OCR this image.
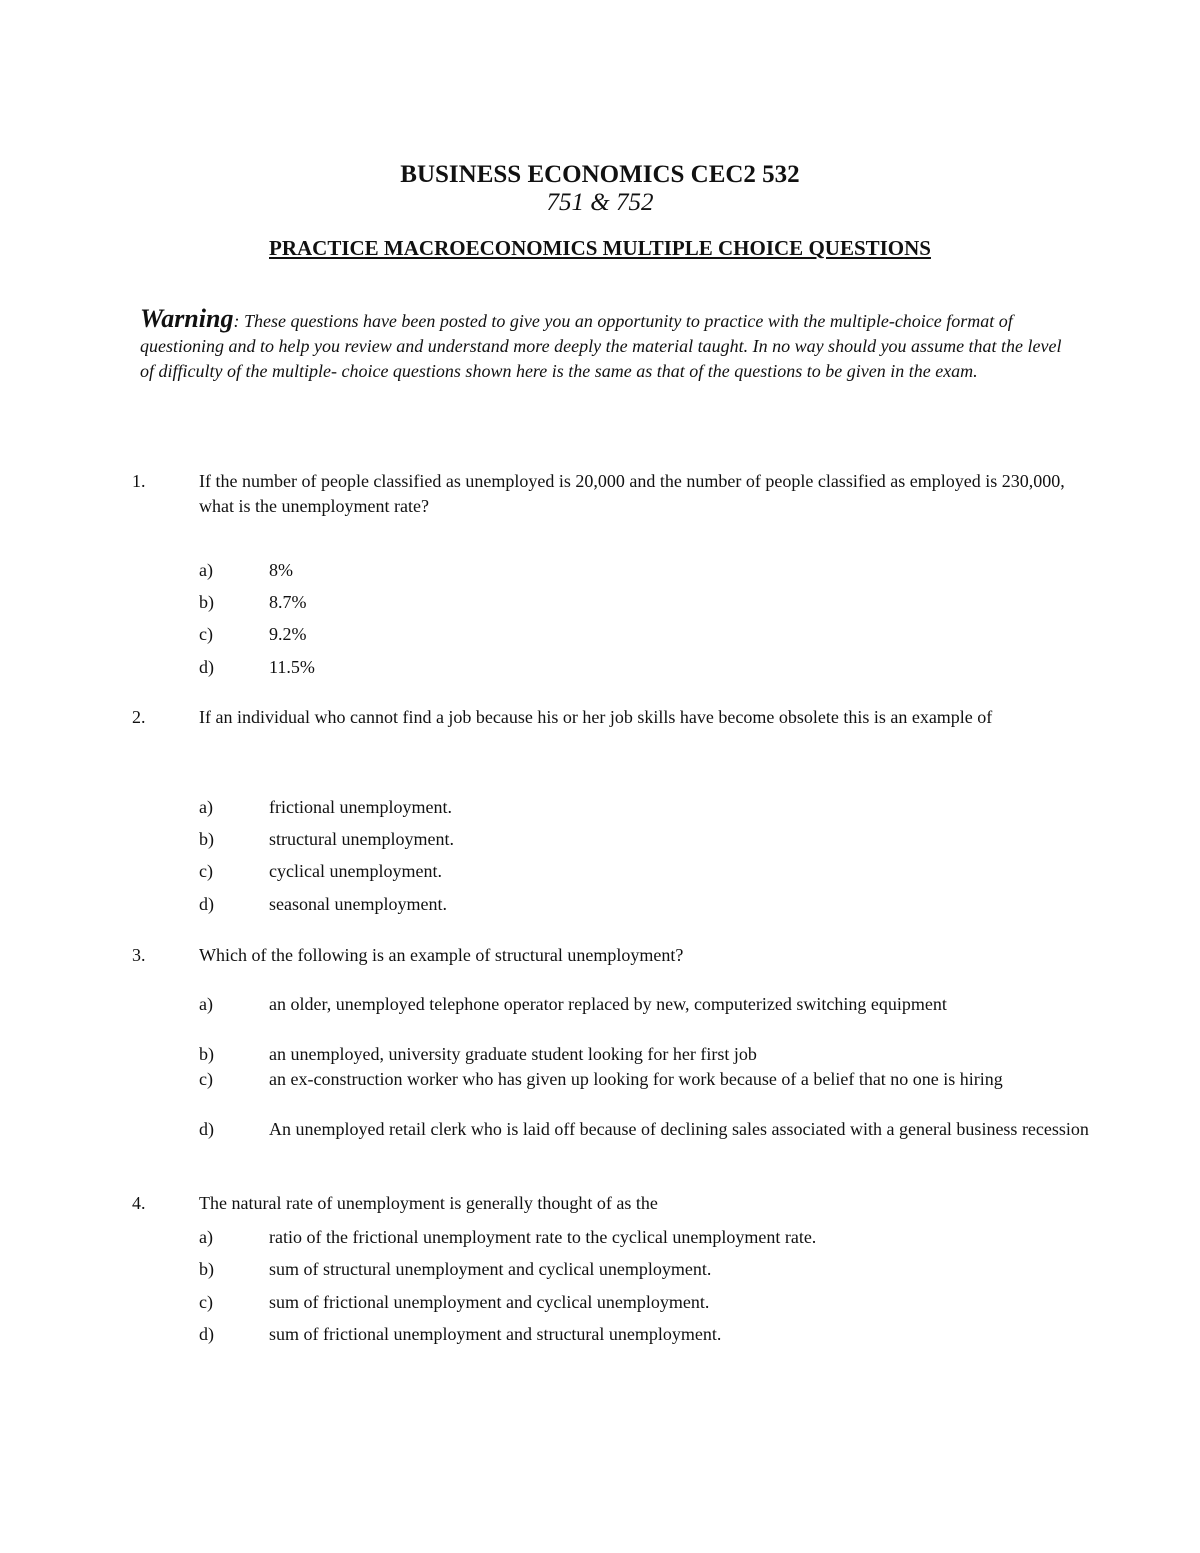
BUSINESS ECONOMICS CEC2 532
751 & 752
PRACTICE MACROECONOMICS MULTIPLE CHOICE QUESTIONS
Warning: These questions have been posted to give you an opportunity to practice with the multiple-choice format of questioning and to help you review and understand more deeply the material taught. In no way should you assume that the level of difficulty of the multiple- choice questions shown here is the same as that of the questions to be given in the exam.
1.	If the number of people classified as unemployed is 20,000 and the number of people classified as employed is 230,000, what is the unemployment rate?
a)	8%
b)	8.7%
c)	9.2%
d)	11.5%
2.	If an individual who cannot find a job because his or her job skills have become obsolete this is an example of
a)	frictional unemployment.
b)	structural unemployment.
c)	cyclical unemployment.
d)	seasonal unemployment.
3.	Which of the following is an example of structural unemployment?
a)	an older, unemployed telephone operator replaced by new, computerized switching equipment
b)	an unemployed, university graduate student looking for her first job
c)	an ex-construction worker who has given up looking for work because of a belief that no one is hiring
d)	An unemployed retail clerk who is laid off because of declining sales associated with a general business recession
4.	The natural rate of unemployment is generally thought of as the
a)	ratio of the frictional unemployment rate to the cyclical unemployment rate.
b)	sum of structural unemployment and cyclical unemployment.
c)	sum of frictional unemployment and cyclical unemployment.
d)	sum of frictional unemployment and structural unemployment.
